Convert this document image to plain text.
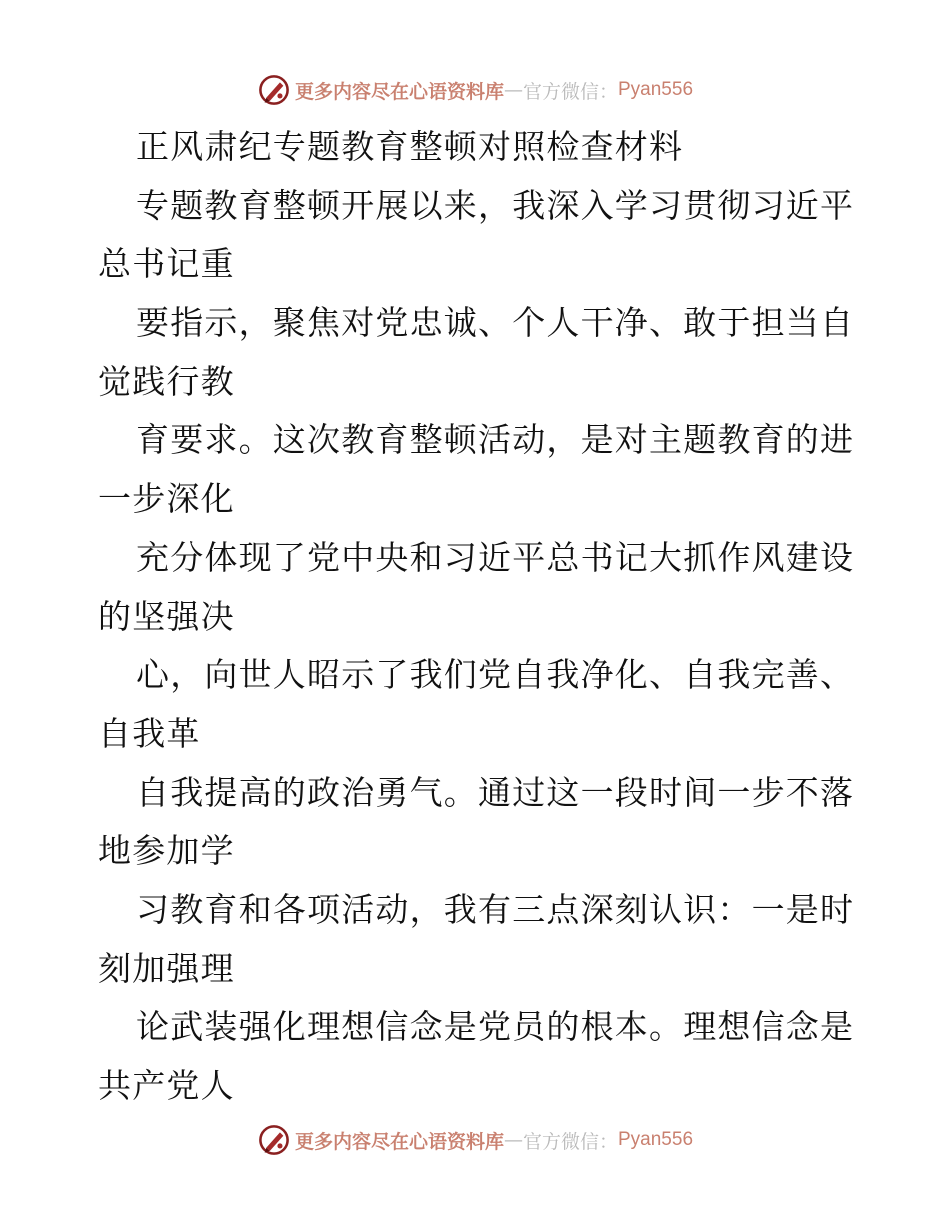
更多内容尽在心语资料库 — 官方微信： Pyan556
正风肃纪专题教育整顿对照检查材料
专题教育整顿开展以来，我深入学习贯彻习近平
总书记重
要指示，聚焦对党忠诚、个人干净、敢于担当自
觉践行教
育要求。这次教育整顿活动，是对主题教育的进
一步深化
充分体现了党中央和习近平总书记大抓作风建设
的坚强决
心，向世人昭示了我们党自我净化、自我完善、
自我革
自我提高的政治勇气。通过这一段时间一步不落
地参加学
习教育和各项活动，我有三点深刻认识：一是时
刻加强理
论武装强化理想信念是党员的根本。理想信念是
共产党人
更多内容尽在心语资料库 — 官方微信： Pyan556
